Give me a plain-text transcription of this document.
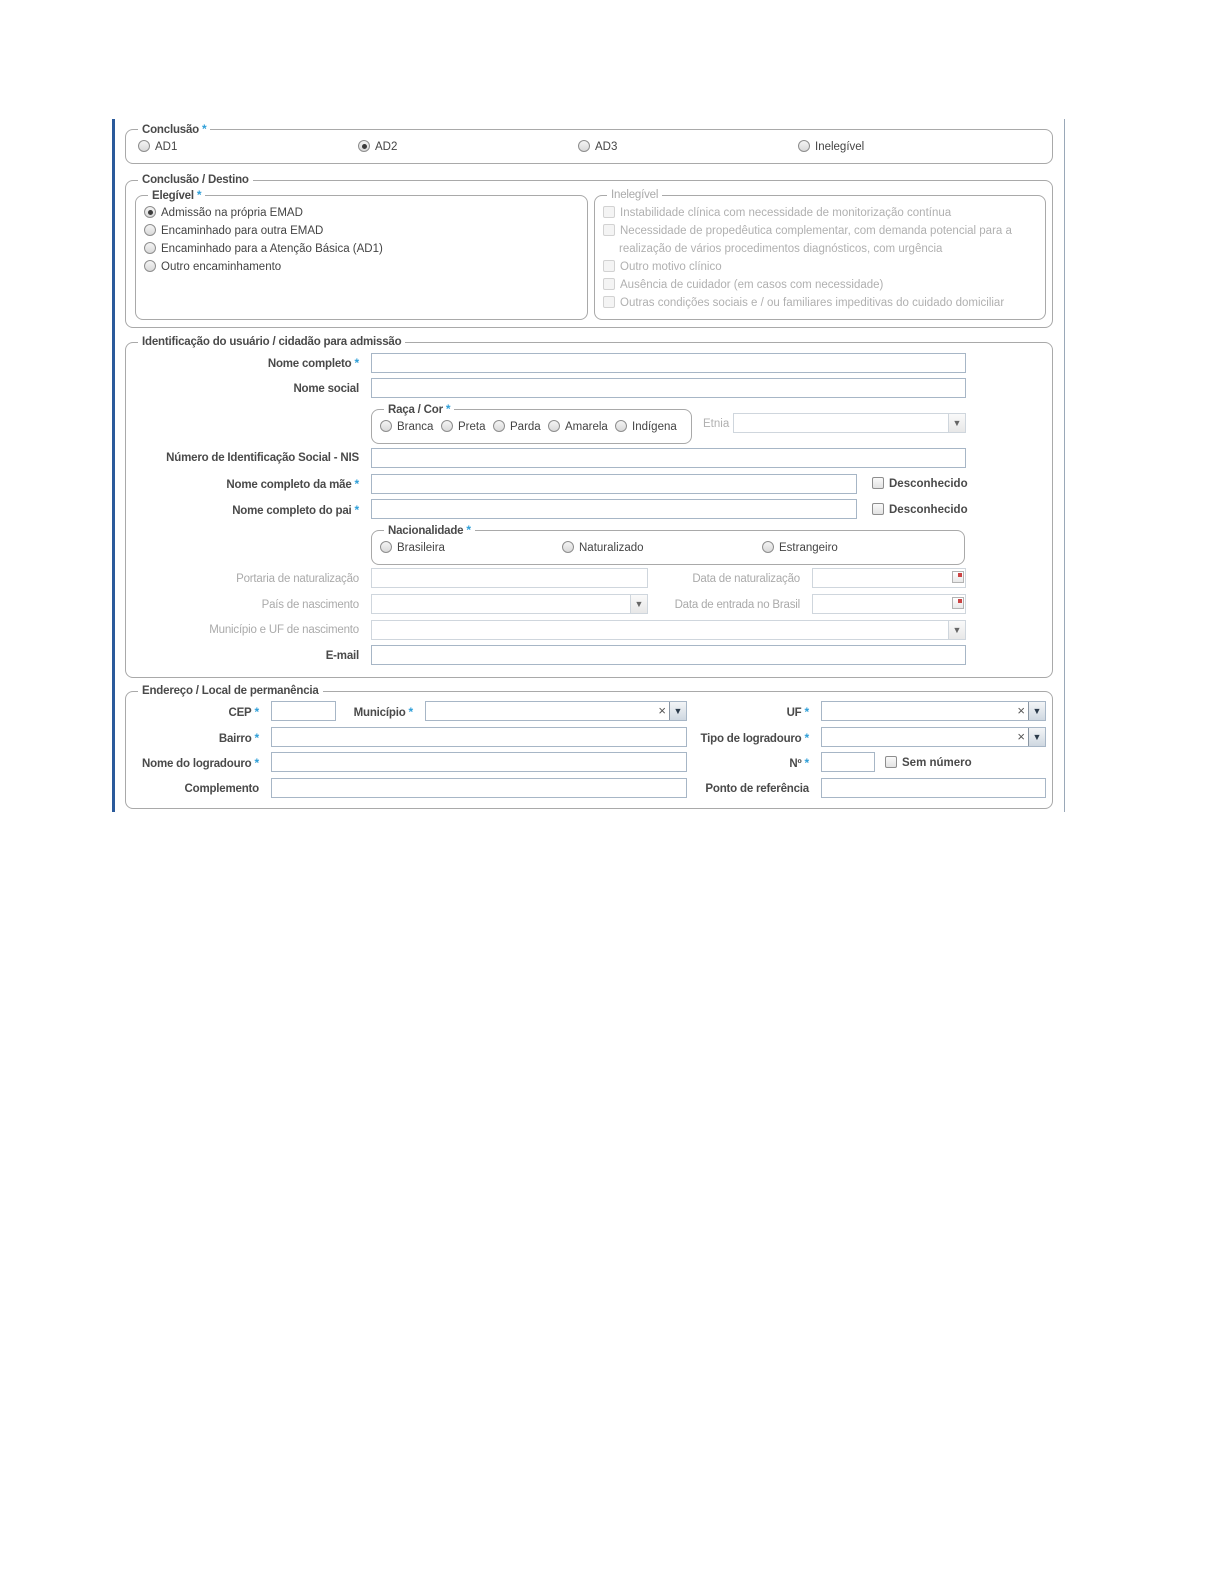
Conclusão *
AD1	AD2	AD3	Inelegível
Conclusão / Destino
Elegível *
Admissão na própria EMAD
Encaminhado para outra EMAD
Encaminhado para a Atenção Básica (AD1)
Outro encaminhamento
Inelegível
Instabilidade clínica com necessidade de monitorização contínua
Necessidade de propedêutica complementar, com demanda potencial para a
realização de vários procedimentos diagnósticos, com urgência
Outro motivo clínico
Ausência de cuidador (em casos com necessidade)
Outras condições sociais e / ou familiares impeditivas do cuidado domiciliar
Identificação do usuário / cidadão para admissão
Nome completo *
Nome social
Raça / Cor *
Branca	Preta	Parda	Amarela	Indígena Etnia	▼
Número de Identificação Social - NIS
Nome completo da mãe *	Desconhecido
Nome completo do pai *	Desconhecido
Nacionalidade *
Brasileira	Naturalizado	Estrangeiro
Portaria de naturalização	Data de naturalização
País de nascimento	▼	Data de entrada no Brasil
Município e UF de nascimento	▼
E-mail
Endereço / Local de permanência
CEP *	Município *	× ▼	UF *	× ▼
Bairro *	Tipo de logradouro *	× ▼
Nome do logradouro *	Nº *	Sem número
Complemento	Ponto de referência
